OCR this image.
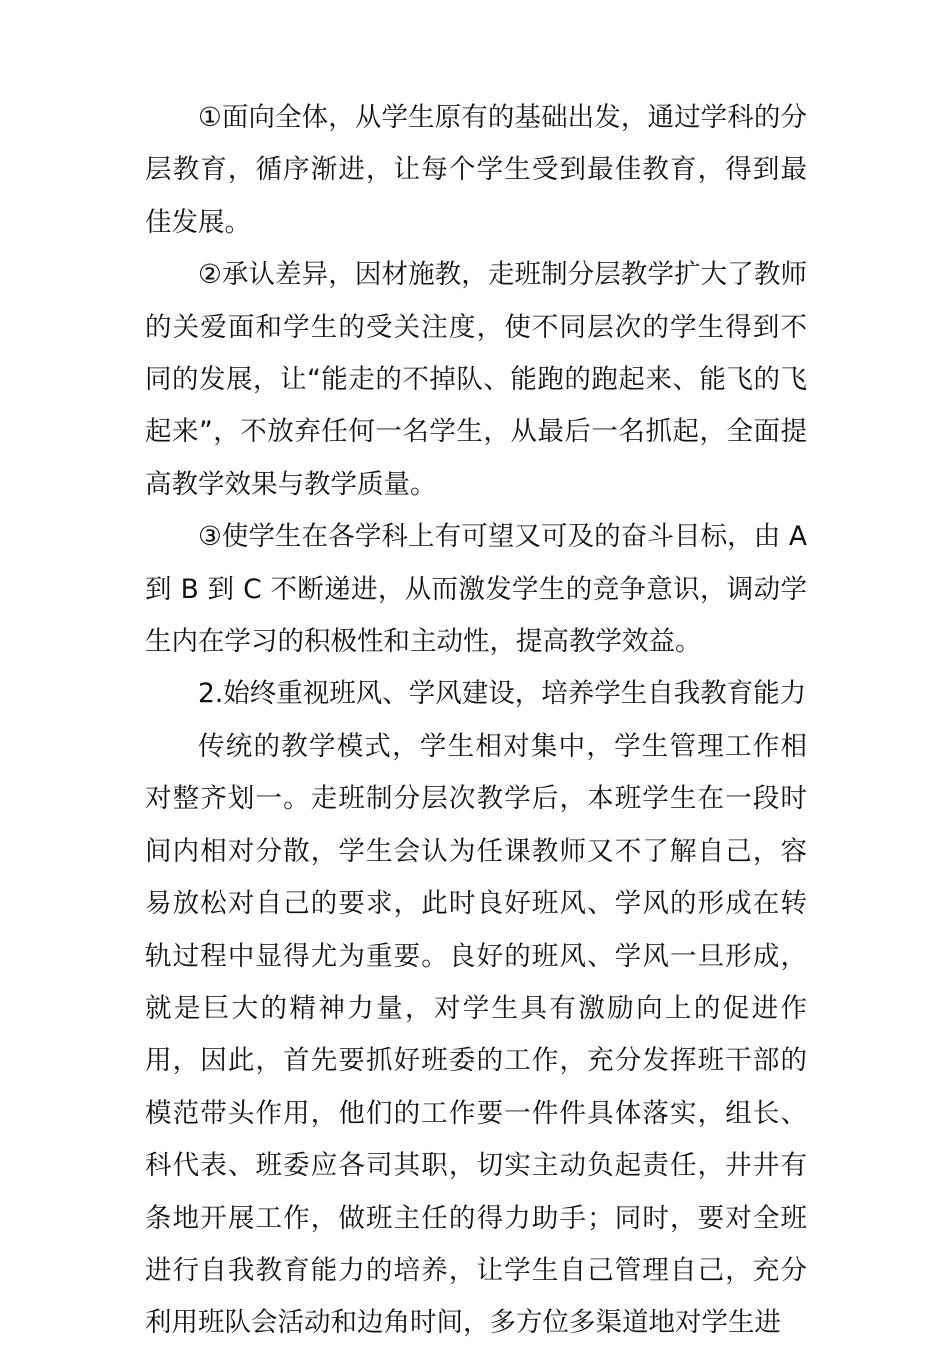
①面向全体，从学生原有的基础出发，通过学科的分层教育，循序渐进，让每个学生受到最佳教育，得到最佳发展。

②承认差异，因材施教，走班制分层教学扩大了教师的关爱面和学生的受关注度，使不同层次的学生得到不同的发展，让“能走的不掉队、能跑的跑起来、能飞的飞起来”，不放弃任何一名学生，从最后一名抓起，全面提高教学效果与教学质量。

③使学生在各学科上有可望又可及的奋斗目标，由 A 到 B 到 C 不断递进，从而激发学生的竞争意识，调动学生内在学习的积极性和主动性，提高教学效益。

2.始终重视班风、学风建设，培养学生自我教育能力

传统的教学模式，学生相对集中，学生管理工作相对整齐划一。走班制分层次教学后，本班学生在一段时间内相对分散，学生会认为任课教师又不了解自己，容易放松对自己的要求，此时良好班风、学风的形成在转轨过程中显得尤为重要。良好的班风、学风一旦形成，就是巨大的精神力量，对学生具有激励向上的促进作用，因此，首先要抓好班委的工作，充分发挥班干部的模范带头作用，他们的工作要一件件具体落实，组长、科代表、班委应各司其职，切实主动负起责任，井井有条地开展工作，做班主任的得力助手；同时，要对全班进行自我教育能力的培养，让学生自己管理自己，充分利用班队会活动和边角时间，多方位多渠道地对学生进
